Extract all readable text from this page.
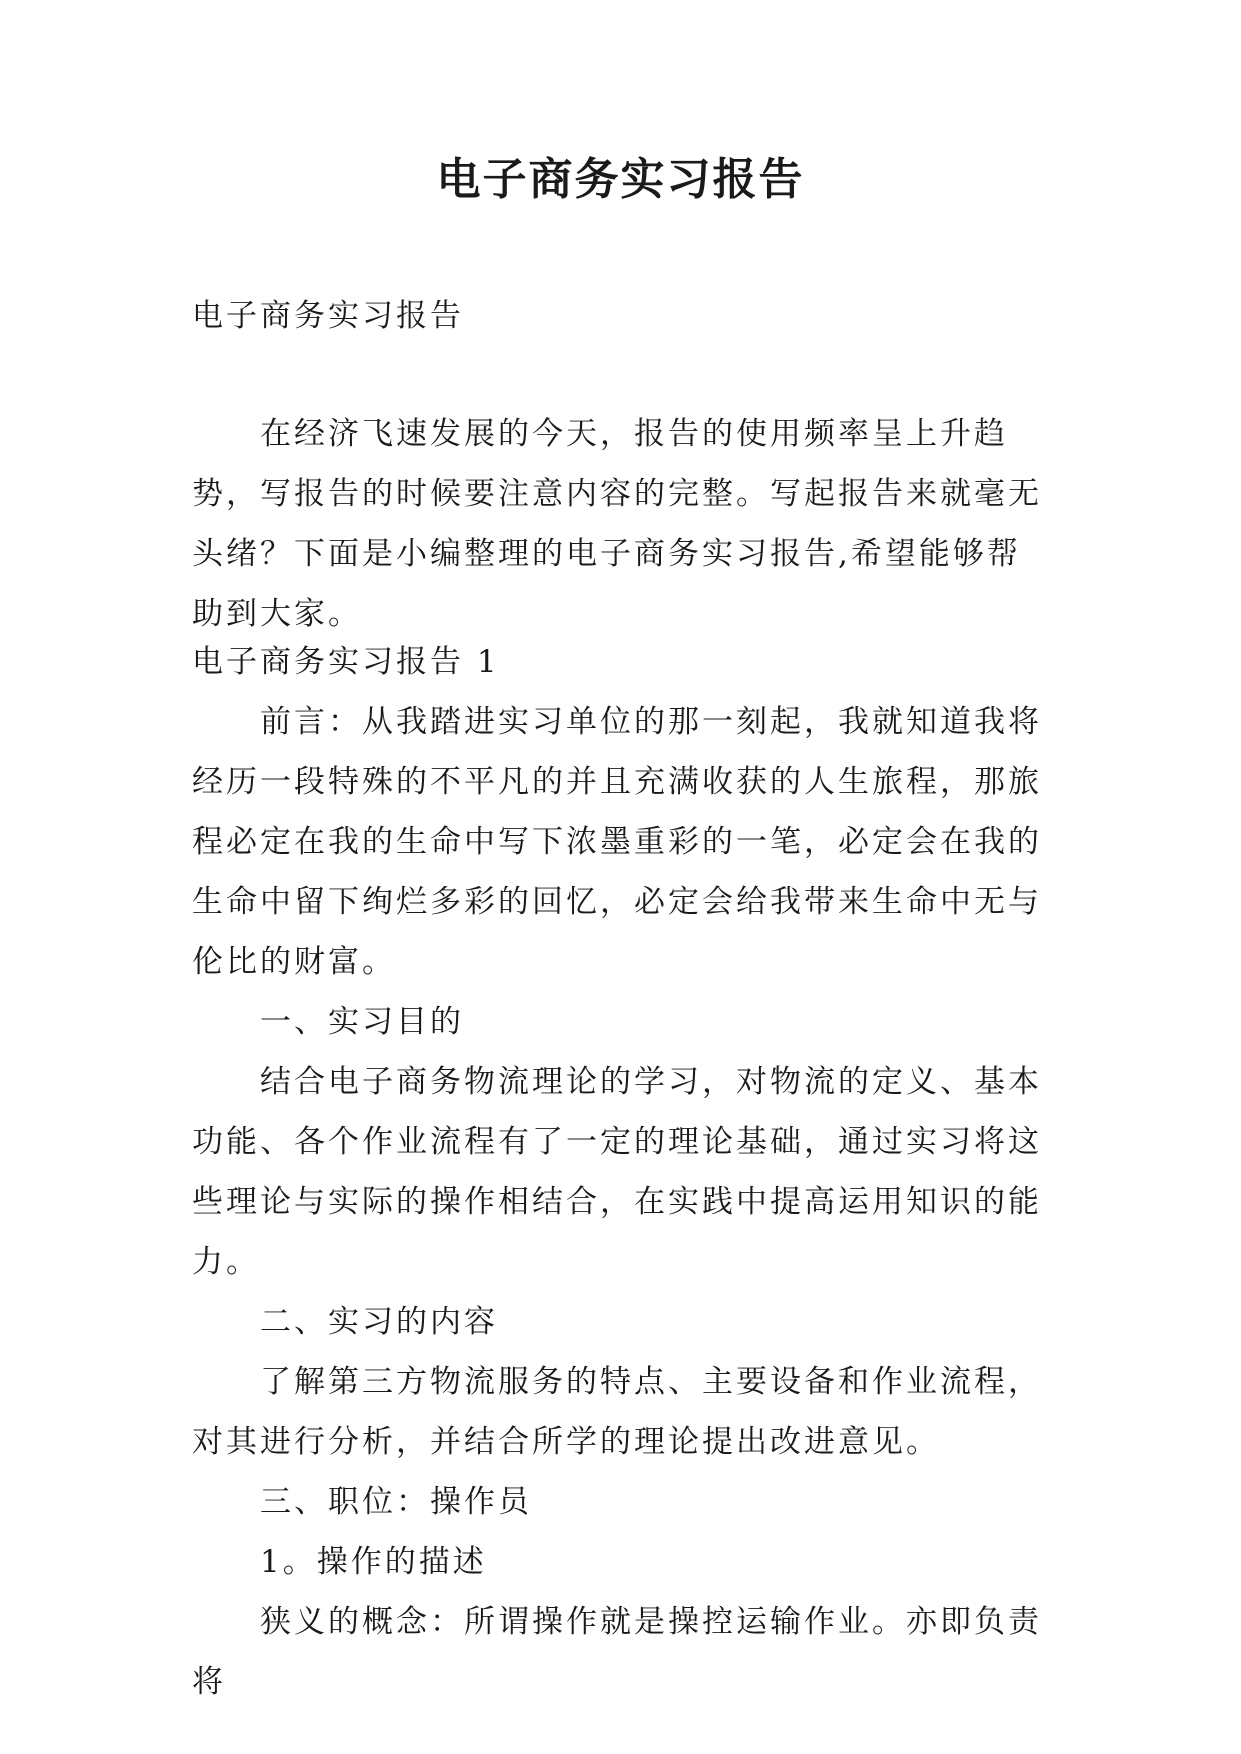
电子商务实习报告
电子商务实习报告
在经济飞速发展的今天，报告的使用频率呈上升趋势，写报告的时候要注意内容的完整。写起报告来就毫无头绪？下面是小编整理的电子商务实习报告,希望能够帮助到大家。

电子商务实习报告 1

前言：从我踏进实习单位的那一刻起，我就知道我将经历一段特殊的不平凡的并且充满收获的人生旅程，那旅程必定在我的生命中写下浓墨重彩的一笔，必定会在我的生命中留下绚烂多彩的回忆，必定会给我带来生命中无与伦比的财富。

一、实习目的

结合电子商务物流理论的学习，对物流的定义、基本功能、各个作业流程有了一定的理论基础，通过实习将这些理论与实际的操作相结合，在实践中提高运用知识的能力。

二、实习的内容

了解第三方物流服务的特点、主要设备和作业流程，对其进行分析，并结合所学的理论提出改进意见。

三、职位：操作员

1。操作的描述

狭义的概念：所谓操作就是操控运输作业。亦即负责将
